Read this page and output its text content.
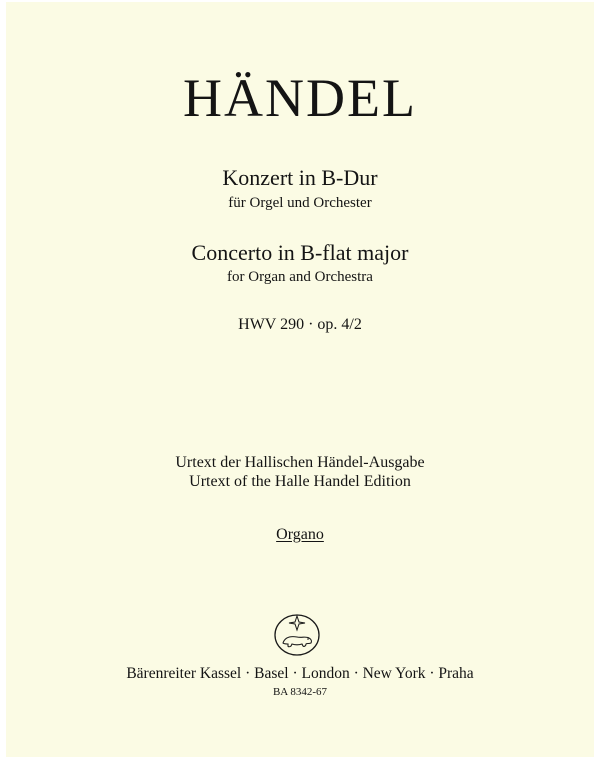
HÄNDEL
Konzert in B-Dur
für Orgel und Orchester
Concerto in B-flat major
for Organ and Orchestra
HWV 290 · op. 4/2
Urtext der Hallischen Händel-Ausgabe
Urtext of the Halle Handel Edition
Organo
Bärenreiter Kassel · Basel · London · New York · Praha
BA 8342-67
